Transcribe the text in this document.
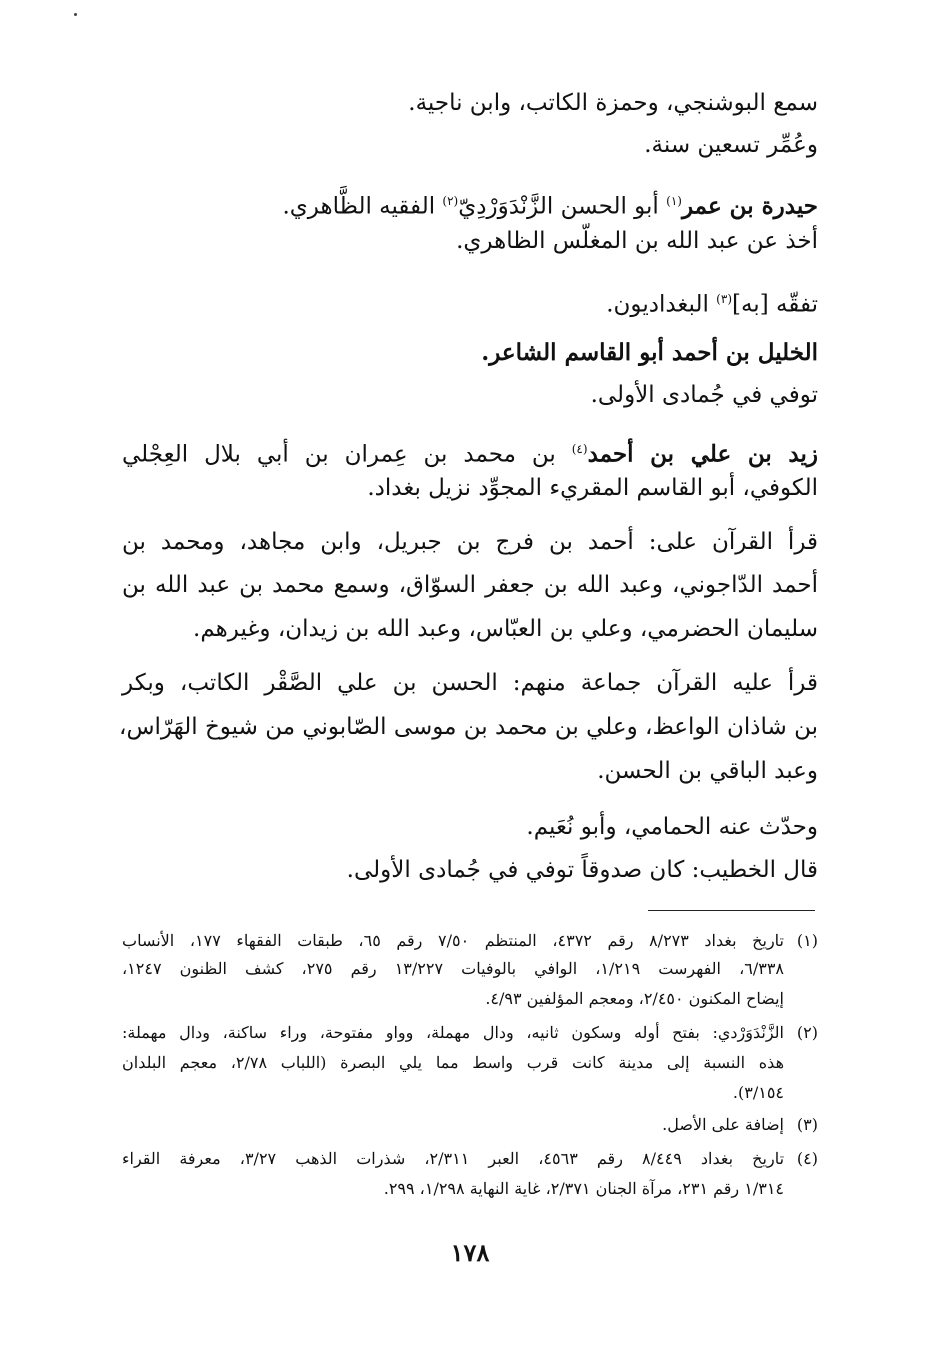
سمع البوشنجي، وحمزة الكاتب، وابن ناجية.
وعُمِّر تسعين سنة.
حيدرة بن عمر$^{(١)}$ أبو الحسن الزَّنْدَوَرْدِيّ$^{(٢)}$ الفقيه الظَّاهري.
أخذ عن عبد الله بن المغلّس الظاهري.
تفقّه [به]$^{(٣)}$ البغداديون.
الخليل بن أحمد أبو القاسم الشاعر.
توفي في جُمادى الأولى.
زيد بن علي بن أحمد$^{(٤)}$ بن محمد بن عِمران بن أبي بلال العِجْلي
الكوفي، أبو القاسم المقريء المجوِّد نزيل بغداد.
قرأ القرآن على: أحمد بن فرج بن جبريل، وابن مجاهد، ومحمد بن
أحمد الدّاجوني، وعبد الله بن جعفر السوّاق، وسمع محمد بن عبد الله بن
سليمان الحضرمي، وعلي بن العبّاس، وعبد الله بن زيدان، وغيرهم.
قرأ عليه القرآن جماعة منهم: الحسن بن علي الصَّقْر الكاتب، وبكر
بن شاذان الواعظ، وعلي بن محمد بن موسى الصّابوني من شيوخ الهَرّاس،
وعبد الباقي بن الحسن.
وحدّث عنه الحمامي، وأبو نُعَيم.
قال الخطيب: كان صدوقاً توفي في جُمادى الأولى.
(١)
تاريخ بغداد ٨/٢٧٣ رقم ٤٣٧٢، المنتظم ٧/٥٠ رقم ٦٥، طبقات الفقهاء ١٧٧، الأنساب
٦/٣٣٨، الفهرست ١/٢١٩، الوافي بالوفيات ١٣/٢٢٧ رقم ٢٧٥، كشف الظنون ١٢٤٧،
إيضاح المكنون ٢/٤٥٠، ومعجم المؤلفين ٤/٩٣.
(٢)
الزَّنْدَوَرْدي: بفتح أوله وسكون ثانيه، ودال مهملة، وواو مفتوحة، وراء ساكنة، ودال مهملة:
هذه النسبة إلى مدينة كانت قرب واسط مما يلي البصرة (اللباب ٢/٧٨، معجم البلدان
٣/١٥٤).
(٣)
إضافة على الأصل.
(٤)
تاريخ بغداد ٨/٤٤٩ رقم ٤٥٦٣، العبر ٢/٣١١، شذرات الذهب ٣/٢٧، معرفة القراء
١/٣١٤ رقم ٢٣١، مرآة الجنان ٢/٣٧١، غاية النهاية ١/٢٩٨، ٢٩٩.
١٧٨
